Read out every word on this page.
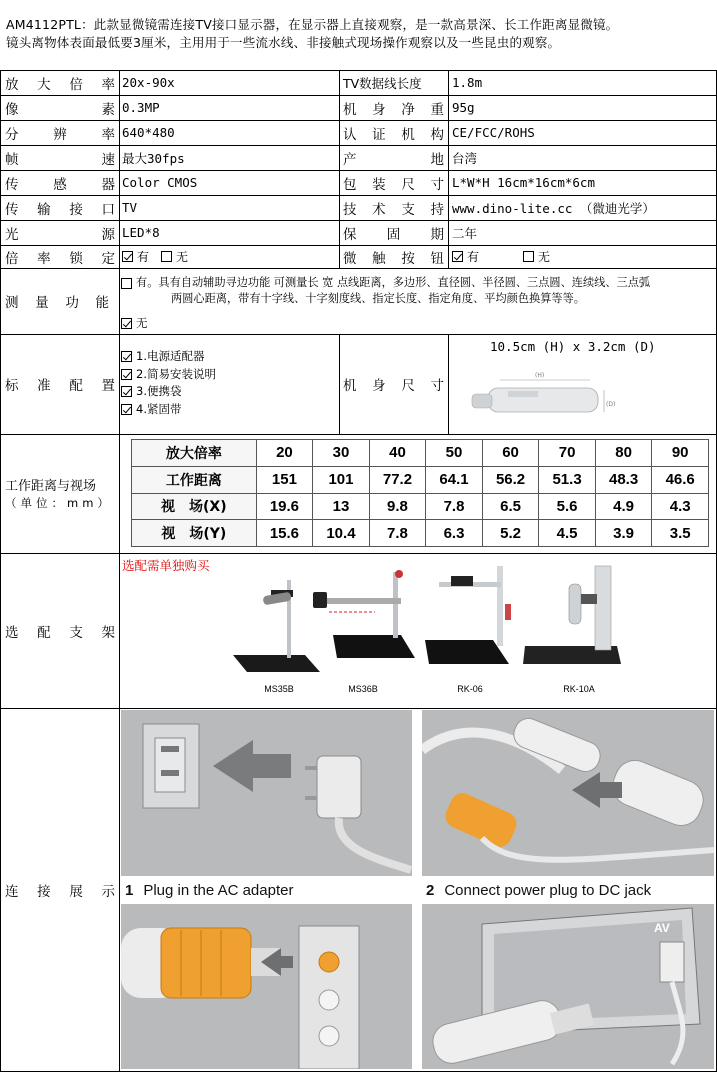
AM4112PTL：此款显微镜需连接TV接口显示器，在显示器上直接观察，是一款高景深、长工作距离显微镜。
镜头离物体表面最低要3厘米，主用用于一些流水线、非接触式现场操作观察以及一些昆虫的观察。
放 大 倍 率 20x-90x	TV数据线长度 1.8m
像	素 0.3MP	机 身 净 重 95g
分	辨	率 640*480	认 证 机 构 CE/FCC/ROHS
帧	速 最大30fps	产	地 台湾
传	感	器 Color CMOS	包 装 尺 寸 L*W*H 16cm*16cm*6cm
传 输 接 口 TV	技 术 支 持 www.dino-lite.cc （微迪光学）
光	源 LED*8	保 固 期 二年
倍 率 锁 定 有 无	微 触 按 钮 有	无
测 量 功 能
有。具有自动辅助寻边功能 可测量长 宽 点线距离，多边形、直径圆、半径圆、三点圆、连续线、三点弧
两圆心距离，带有十字线、十字刻度线、指定长度、指定角度、平均颜色换算等等。
无
标 准 配 置
1.电源适配器
2.简易安装说明
3.便携袋
4.紧固带
机 身 尺 寸
10.5cm (H) x 3.2cm (D)
(H)
(D)
工作距离与视场
（单位：mm）
放大倍率	20	30	40	50	60	70	80	90
工作距离	151	101	77.2	64.1	56.2	51.3	48.3	46.6
视　场(X)	19.6	13	9.8	7.8	6.5	5.6	4.9	4.3
视　场(Y)	15.6	10.4	7.8	6.3	5.2	4.5	3.9	3.5
选 配 支 架
选配需单独购买
MS35B	MS36B	RK-06	RK-10A
连 接 展 示 1 Plug in the AC adapter	2 Connect power plug to DC jack
AV
